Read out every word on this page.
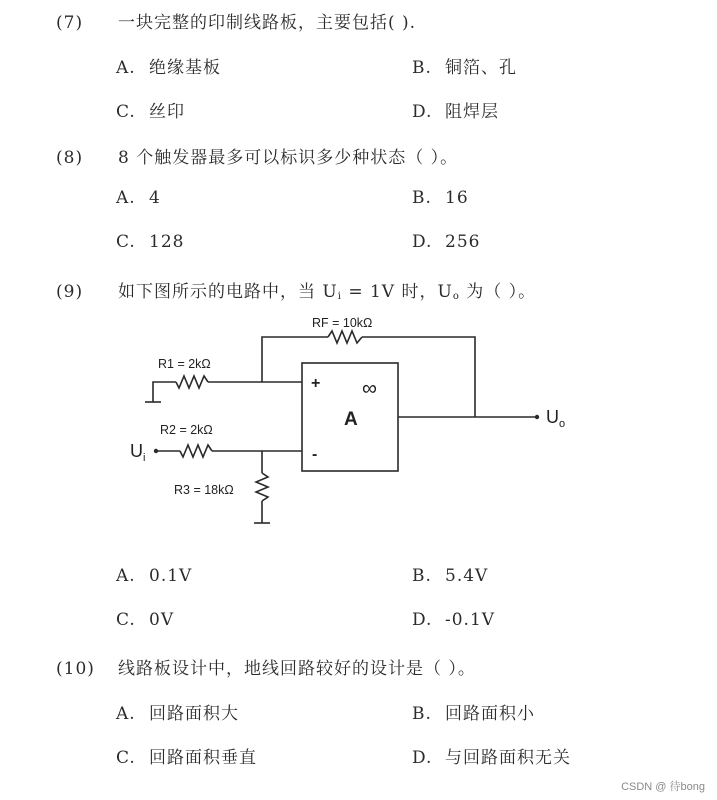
(7) 一块完整的印制线路板，主要包括( ).
A. 绝缘基板	B. 铜箔、孔
C. 丝印	D. 阻焊层
(8) 8 个触发器最多可以标识多少种状态（ ）。
A. 4	B. 16
C. 128	D. 256
(9) 如下图所示的电路中，当 $U_i = 1V$ 时，$U_o$ 为（ ）。
RF = 10kΩ
R1 = 2kΩ
R2 = 2kΩ
R3 = 18kΩ
A
∞
+
-
$U_i$
$U_o$
A. 0.1V	B. 5.4V
C. 0V	D. -0.1V
(10) 线路板设计中，地线回路较好的设计是（ ）。
A. 回路面积大	B. 回路面积小
C. 回路面积垂直	D. 与回路面积无关
CSDN @ 待bong
